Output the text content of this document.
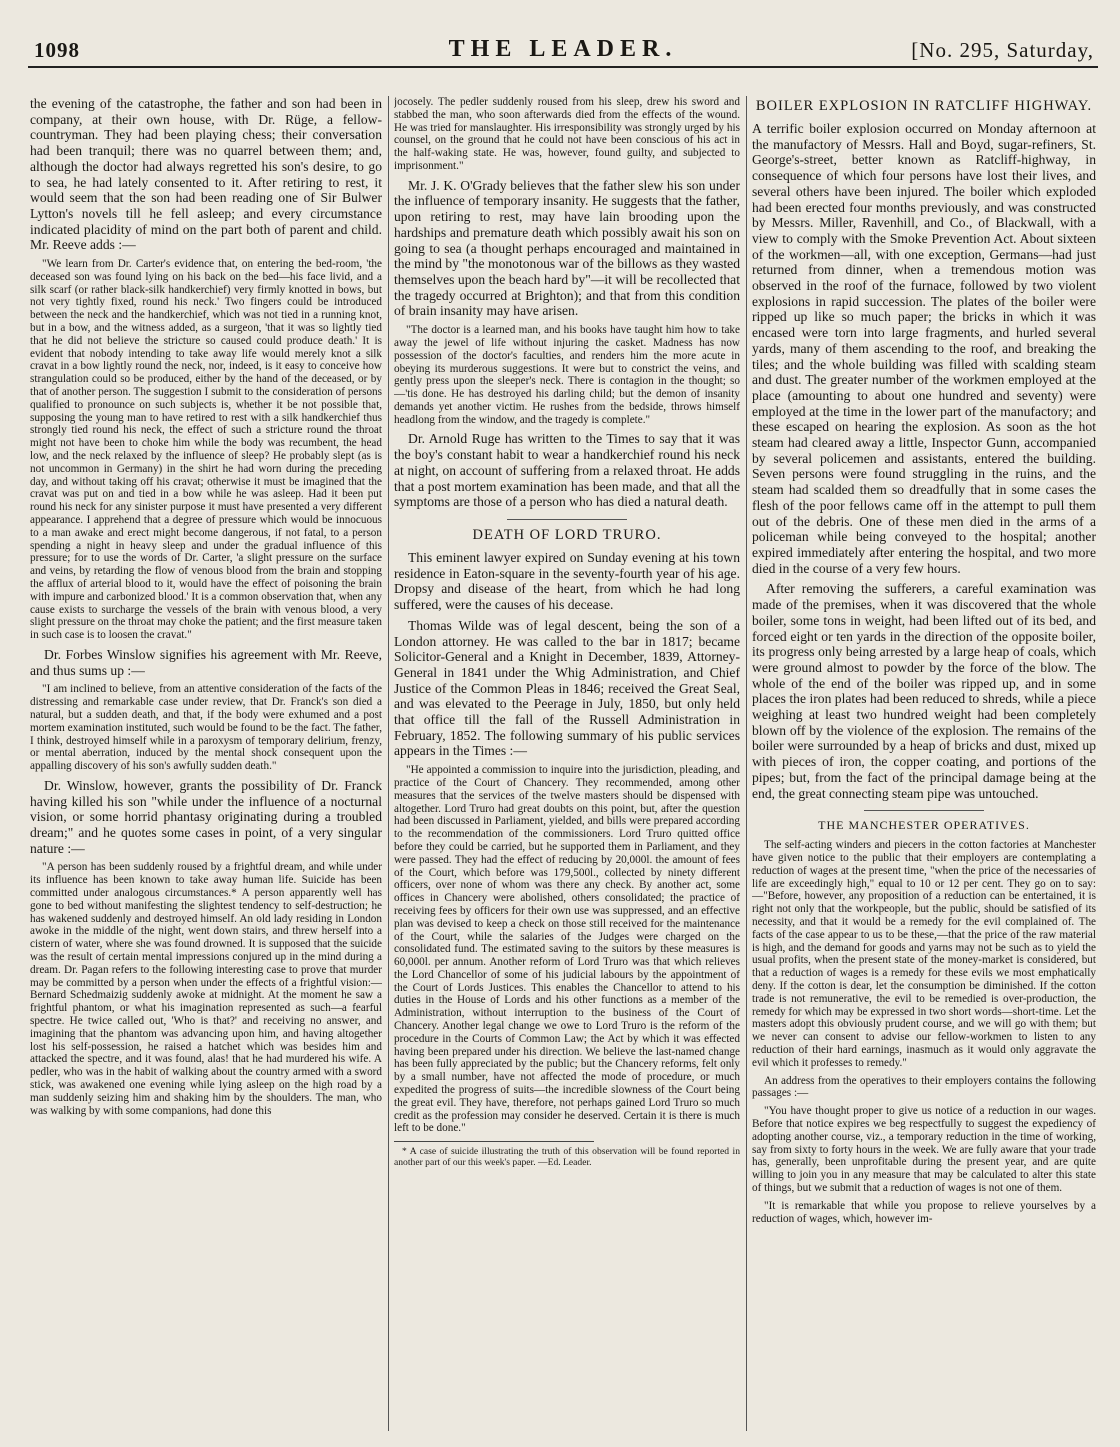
1098	THE LEADER.	[No. 295, Saturday,

the evening of the catastrophe, the father and son had been in company, at their own house, with Dr. Rüge, a fellow-countryman. They had been playing chess; their conversation had been tranquil; there was no quarrel between them; and, although the doctor had always regretted his son's desire, to go to sea, he had lately consented to it. After retiring to rest, it would seem that the son had been reading one of Sir Bulwer Lytton's novels till he fell asleep; and every circumstance indicated placidity of mind on the part both of parent and child. Mr. Reeve adds :—

"We learn from Dr. Carter's evidence that, on entering the bed-room, 'the deceased son was found lying on his back on the bed—his face livid, and a silk scarf (or rather black-silk handkerchief) very firmly knotted in bows, but not very tightly fixed, round his neck.' Two fingers could be introduced between the neck and the handkerchief, which was not tied in a running knot, but in a bow, and the witness added, as a surgeon, 'that it was so lightly tied that he did not believe the stricture so caused could produce death.' It is evident that nobody intending to take away life would merely knot a silk cravat in a bow lightly round the neck, nor, indeed, is it easy to conceive how strangulation could so be produced, either by the hand of the deceased, or by that of another person. The suggestion I submit to the consideration of persons qualified to pronounce on such subjects is, whether it be not possible that, supposing the young man to have retired to rest with a silk handkerchief thus strongly tied round his neck, the effect of such a stricture round the throat might not have been to choke him while the body was recumbent, the head low, and the neck relaxed by the influence of sleep? He probably slept (as is not uncommon in Germany) in the shirt he had worn during the preceding day, and without taking off his cravat; otherwise it must be imagined that the cravat was put on and tied in a bow while he was asleep. Had it been put round his neck for any sinister purpose it must have presented a very different appearance. I apprehend that a degree of pressure which would be innocuous to a man awake and erect might become dangerous, if not fatal, to a person spending a night in heavy sleep and under the gradual influence of this pressure; for to use the words of Dr. Carter, 'a slight pressure on the surface and veins, by retarding the flow of venous blood from the brain and stopping the afflux of arterial blood to it, would have the effect of poisoning the brain with impure and carbonized blood.' It is a common observation that, when any cause exists to surcharge the vessels of the brain with venous blood, a very slight pressure on the throat may choke the patient; and the first measure taken in such case is to loosen the cravat."

Dr. Forbes Winslow signifies his agreement with Mr. Reeve, and thus sums up :—

"I am inclined to believe, from an attentive consideration of the facts of the distressing and remarkable case under review, that Dr. Franck's son died a natural, but a sudden death, and that, if the body were exhumed and a post mortem examination instituted, such would be found to be the fact. The father, I think, destroyed himself while in a paroxysm of temporary delirium, frenzy, or mental aberration, induced by the mental shock consequent upon the appalling discovery of his son's awfully sudden death."

Dr. Winslow, however, grants the possibility of Dr. Franck having killed his son "while under the influence of a nocturnal vision, or some horrid phantasy originating during a troubled dream;" and he quotes some cases in point, of a very singular nature :—

"A person has been suddenly roused by a frightful dream, and while under its influence has been known to take away human life. Suicide has been committed under analogous circumstances.* A person apparently well has gone to bed without manifesting the slightest tendency to self-destruction; he has wakened suddenly and destroyed himself. An old lady residing in London awoke in the middle of the night, went down stairs, and threw herself into a cistern of water, where she was found drowned. It is supposed that the suicide was the result of certain mental impressions conjured up in the mind during a dream. Dr. Pagan refers to the following interesting case to prove that murder may be committed by a person when under the effects of a frightful vision:—Bernard Schedmaizig suddenly awoke at midnight. At the moment he saw a frightful phantom, or what his imagination represented as such—a fearful spectre. He twice called out, 'Who is that?' and receiving no answer, and imagining that the phantom was advancing upon him, and having altogether lost his self-possession, he raised a hatchet which was besides him and attacked the spectre, and it was found, alas! that he had murdered his wife. A pedler, who was in the habit of walking about the country armed with a sword stick, was awakened one evening while lying asleep on the high road by a man suddenly seizing him and shaking him by the shoulders. The man, who was walking by with some companions, had done this

jocosely. The pedler suddenly roused from his sleep, drew his sword and stabbed the man, who soon afterwards died from the effects of the wound. He was tried for manslaughter. His irresponsibility was strongly urged by his counsel, on the ground that he could not have been conscious of his act in the half-waking state. He was, however, found guilty, and subjected to imprisonment."

Mr. J. K. O'Grady believes that the father slew his son under the influence of temporary insanity. He suggests that the father, upon retiring to rest, may have lain brooding upon the hardships and premature death which possibly await his son on going to sea (a thought perhaps encouraged and maintained in the mind by "the monotonous war of the billows as they wasted themselves upon the beach hard by"—it will be recollected that the tragedy occurred at Brighton); and that from this condition of brain insanity may have arisen.

"The doctor is a learned man, and his books have taught him how to take away the jewel of life without injuring the casket. Madness has now possession of the doctor's faculties, and renders him the more acute in obeying its murderous suggestions. It were but to constrict the veins, and gently press upon the sleeper's neck. There is contagion in the thought; so—'tis done. He has destroyed his darling child; but the demon of insanity demands yet another victim. He rushes from the bedside, throws himself headlong from the window, and the tragedy is complete."

Dr. Arnold Ruge has written to the Times to say that it was the boy's constant habit to wear a handkerchief round his neck at night, on account of suffering from a relaxed throat. He adds that a post mortem examination has been made, and that all the symptoms are those of a person who has died a natural death.

DEATH OF LORD TRURO.

This eminent lawyer expired on Sunday evening at his town residence in Eaton-square in the seventy-fourth year of his age. Dropsy and disease of the heart, from which he had long suffered, were the causes of his decease.

Thomas Wilde was of legal descent, being the son of a London attorney. He was called to the bar in 1817; became Solicitor-General and a Knight in December, 1839, Attorney-General in 1841 under the Whig Administration, and Chief Justice of the Common Pleas in 1846; received the Great Seal, and was elevated to the Peerage in July, 1850, but only held that office till the fall of the Russell Administration in February, 1852. The following summary of his public services appears in the Times :—

"He appointed a commission to inquire into the jurisdiction, pleading, and practice of the Court of Chancery. They recommended, among other measures that the services of the twelve masters should be dispensed with altogether. Lord Truro had great doubts on this point, but, after the question had been discussed in Parliament, yielded, and bills were prepared according to the recommendation of the commissioners. Lord Truro quitted office before they could be carried, but he supported them in Parliament, and they were passed. They had the effect of reducing by 20,000l. the amount of fees of the Court, which before was 179,500l., collected by ninety different officers, over none of whom was there any check. By another act, some offices in Chancery were abolished, others consolidated; the practice of receiving fees by officers for their own use was suppressed, and an effective plan was devised to keep a check on those still received for the maintenance of the Court, while the salaries of the Judges were charged on the consolidated fund. The estimated saving to the suitors by these measures is 60,000l. per annum. Another reform of Lord Truro was that which relieves the Lord Chancellor of some of his judicial labours by the appointment of the Court of Lords Justices. This enables the Chancellor to attend to his duties in the House of Lords and his other functions as a member of the Administration, without interruption to the business of the Court of Chancery. Another legal change we owe to Lord Truro is the reform of the procedure in the Courts of Common Law; the Act by which it was effected having been prepared under his direction. We believe the last-named change has been fully appreciated by the public; but the Chancery reforms, felt only by a small number, have not affected the mode of procedure, or much expedited the progress of suits—the incredible slowness of the Court being the great evil. They have, therefore, not perhaps gained Lord Truro so much credit as the profession may consider he deserved. Certain it is there is much left to be done."

* A case of suicide illustrating the truth of this observation will be found reported in another part of our this week's paper. —Ed. Leader.

BOILER EXPLOSION IN RATCLIFF HIGHWAY.

A terrific boiler explosion occurred on Monday afternoon at the manufactory of Messrs. Hall and Boyd, sugar-refiners, St. George's-street, better known as Ratcliff-highway, in consequence of which four persons have lost their lives, and several others have been injured. The boiler which exploded had been erected four months previously, and was constructed by Messrs. Miller, Ravenhill, and Co., of Blackwall, with a view to comply with the Smoke Prevention Act. About sixteen of the workmen—all, with one exception, Germans—had just returned from dinner, when a tremendous motion was observed in the roof of the furnace, followed by two violent explosions in rapid succession. The plates of the boiler were ripped up like so much paper; the bricks in which it was encased were torn into large fragments, and hurled several yards, many of them ascending to the roof, and breaking the tiles; and the whole building was filled with scalding steam and dust. The greater number of the workmen employed at the place (amounting to about one hundred and seventy) were employed at the time in the lower part of the manufactory; and these escaped on hearing the explosion. As soon as the hot steam had cleared away a little, Inspector Gunn, accompanied by several policemen and assistants, entered the building. Seven persons were found struggling in the ruins, and the steam had scalded them so dreadfully that in some cases the flesh of the poor fellows came off in the attempt to pull them out of the debris. One of these men died in the arms of a policeman while being conveyed to the hospital; another expired immediately after entering the hospital, and two more died in the course of a very few hours.

After removing the sufferers, a careful examination was made of the premises, when it was discovered that the whole boiler, some tons in weight, had been lifted out of its bed, and forced eight or ten yards in the direction of the opposite boiler, its progress only being arrested by a large heap of coals, which were ground almost to powder by the force of the blow. The whole of the end of the boiler was ripped up, and in some places the iron plates had been reduced to shreds, while a piece weighing at least two hundred weight had been completely blown off by the violence of the explosion. The remains of the boiler were surrounded by a heap of bricks and dust, mixed up with pieces of iron, the copper coating, and portions of the pipes; but, from the fact of the principal damage being at the end, the great connecting steam pipe was untouched.

THE MANCHESTER OPERATIVES.

The self-acting winders and piecers in the cotton factories at Manchester have given notice to the public that their employers are contemplating a reduction of wages at the present time, "when the price of the necessaries of life are exceedingly high," equal to 10 or 12 per cent. They go on to say:—"Before, however, any proposition of a reduction can be entertained, it is right not only that the workpeople, but the public, should be satisfied of its necessity, and that it would be a remedy for the evil complained of. The facts of the case appear to us to be these,—that the price of the raw material is high, and the demand for goods and yarns may not be such as to yield the usual profits, when the present state of the money-market is considered, but that a reduction of wages is a remedy for these evils we most emphatically deny. If the cotton is dear, let the consumption be diminished. If the cotton trade is not remunerative, the evil to be remedied is over-production, the remedy for which may be expressed in two short words—short-time. Let the masters adopt this obviously prudent course, and we will go with them; but we never can consent to advise our fellow-workmen to listen to any reduction of their hard earnings, inasmuch as it would only aggravate the evil which it professes to remedy."

An address from the operatives to their employers contains the following passages :—

"You have thought proper to give us notice of a reduction in our wages. Before that notice expires we beg respectfully to suggest the expediency of adopting another course, viz., a temporary reduction in the time of working, say from sixty to forty hours in the week. We are fully aware that your trade has, generally, been unprofitable during the present year, and are quite willing to join you in any measure that may be calculated to alter this state of things, but we submit that a reduction of wages is not one of them.

"It is remarkable that while you propose to relieve yourselves by a reduction of wages, which, however im-
